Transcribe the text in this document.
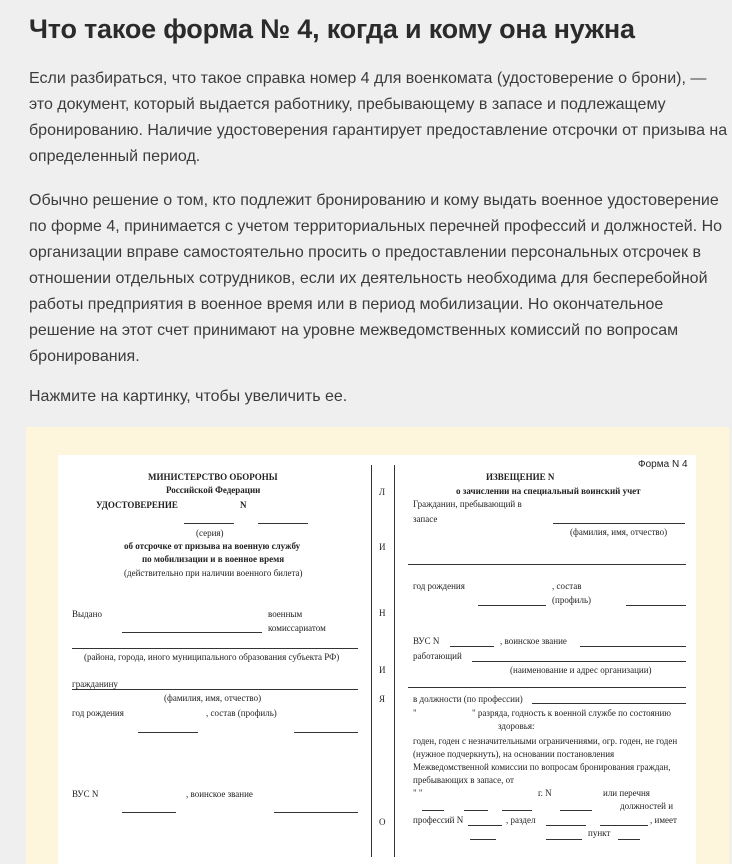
Что такое форма № 4, когда и кому она нужна

Если разбираться, что такое справка номер 4 для военкомата (удостоверение о брони), — это документ, который выдается работнику, пребывающему в запасе и подлежащему бронированию. Наличие удостоверения гарантирует предоставление отсрочки от призыва на определенный период.

Обычно решение о том, кто подлежит бронированию и кому выдать военное удостоверение по форме 4, принимается с учетом территориальных перечней профессий и должностей. Но организации вправе самостоятельно просить о предоставлении персональных отсрочек в отношении отдельных сотрудников, если их деятельность необходима для бесперебойной работы предприятия в военное время или в период мобилизации. Но окончательное решение на этот счет принимают на уровне межведомственных комиссий по вопросам бронирования.

Нажмите на картинку, чтобы увеличить ее.

Форма N 4
МИНИСТЕРСТВО ОБОРОНЫ
Российской Федерации
УДОСТОВЕРЕНИЕ	N
(серия)
об отсрочке от призыва на военную службу
по мобилизации и в военное время
(действительно при наличии военного билета)
Выдано	военным
комиссариатом
(района, города, иного муниципального образования субъекта РФ)
гражданину
(фамилия, имя, отчество)
год рождения	, состав (профиль)
ВУС N	, воинское звание
Л
И
Н
И
Я
О
ИЗВЕЩЕНИЕ N
о зачислении на специальный воинский учет
Гражданин, пребывающий в
запасе
(фамилия, имя, отчество)
год рождения	, состав
(профиль)
ВУС N	, воинское звание
работающий
(наименование и адрес организации)
в должности (по профессии)
"	" разряда, годность к военной службе по состоянию
здоровья:
годен, годен с незначительными ограничениями, огр. годен, не годен
(нужное подчеркнуть), на основании постановления
Межведомственной комиссии по вопросам бронирования граждан,
пребывающих в запасе, от
" "	г. N	или перечня
должностей и
профессий N	, раздел	, имеет
пункт
